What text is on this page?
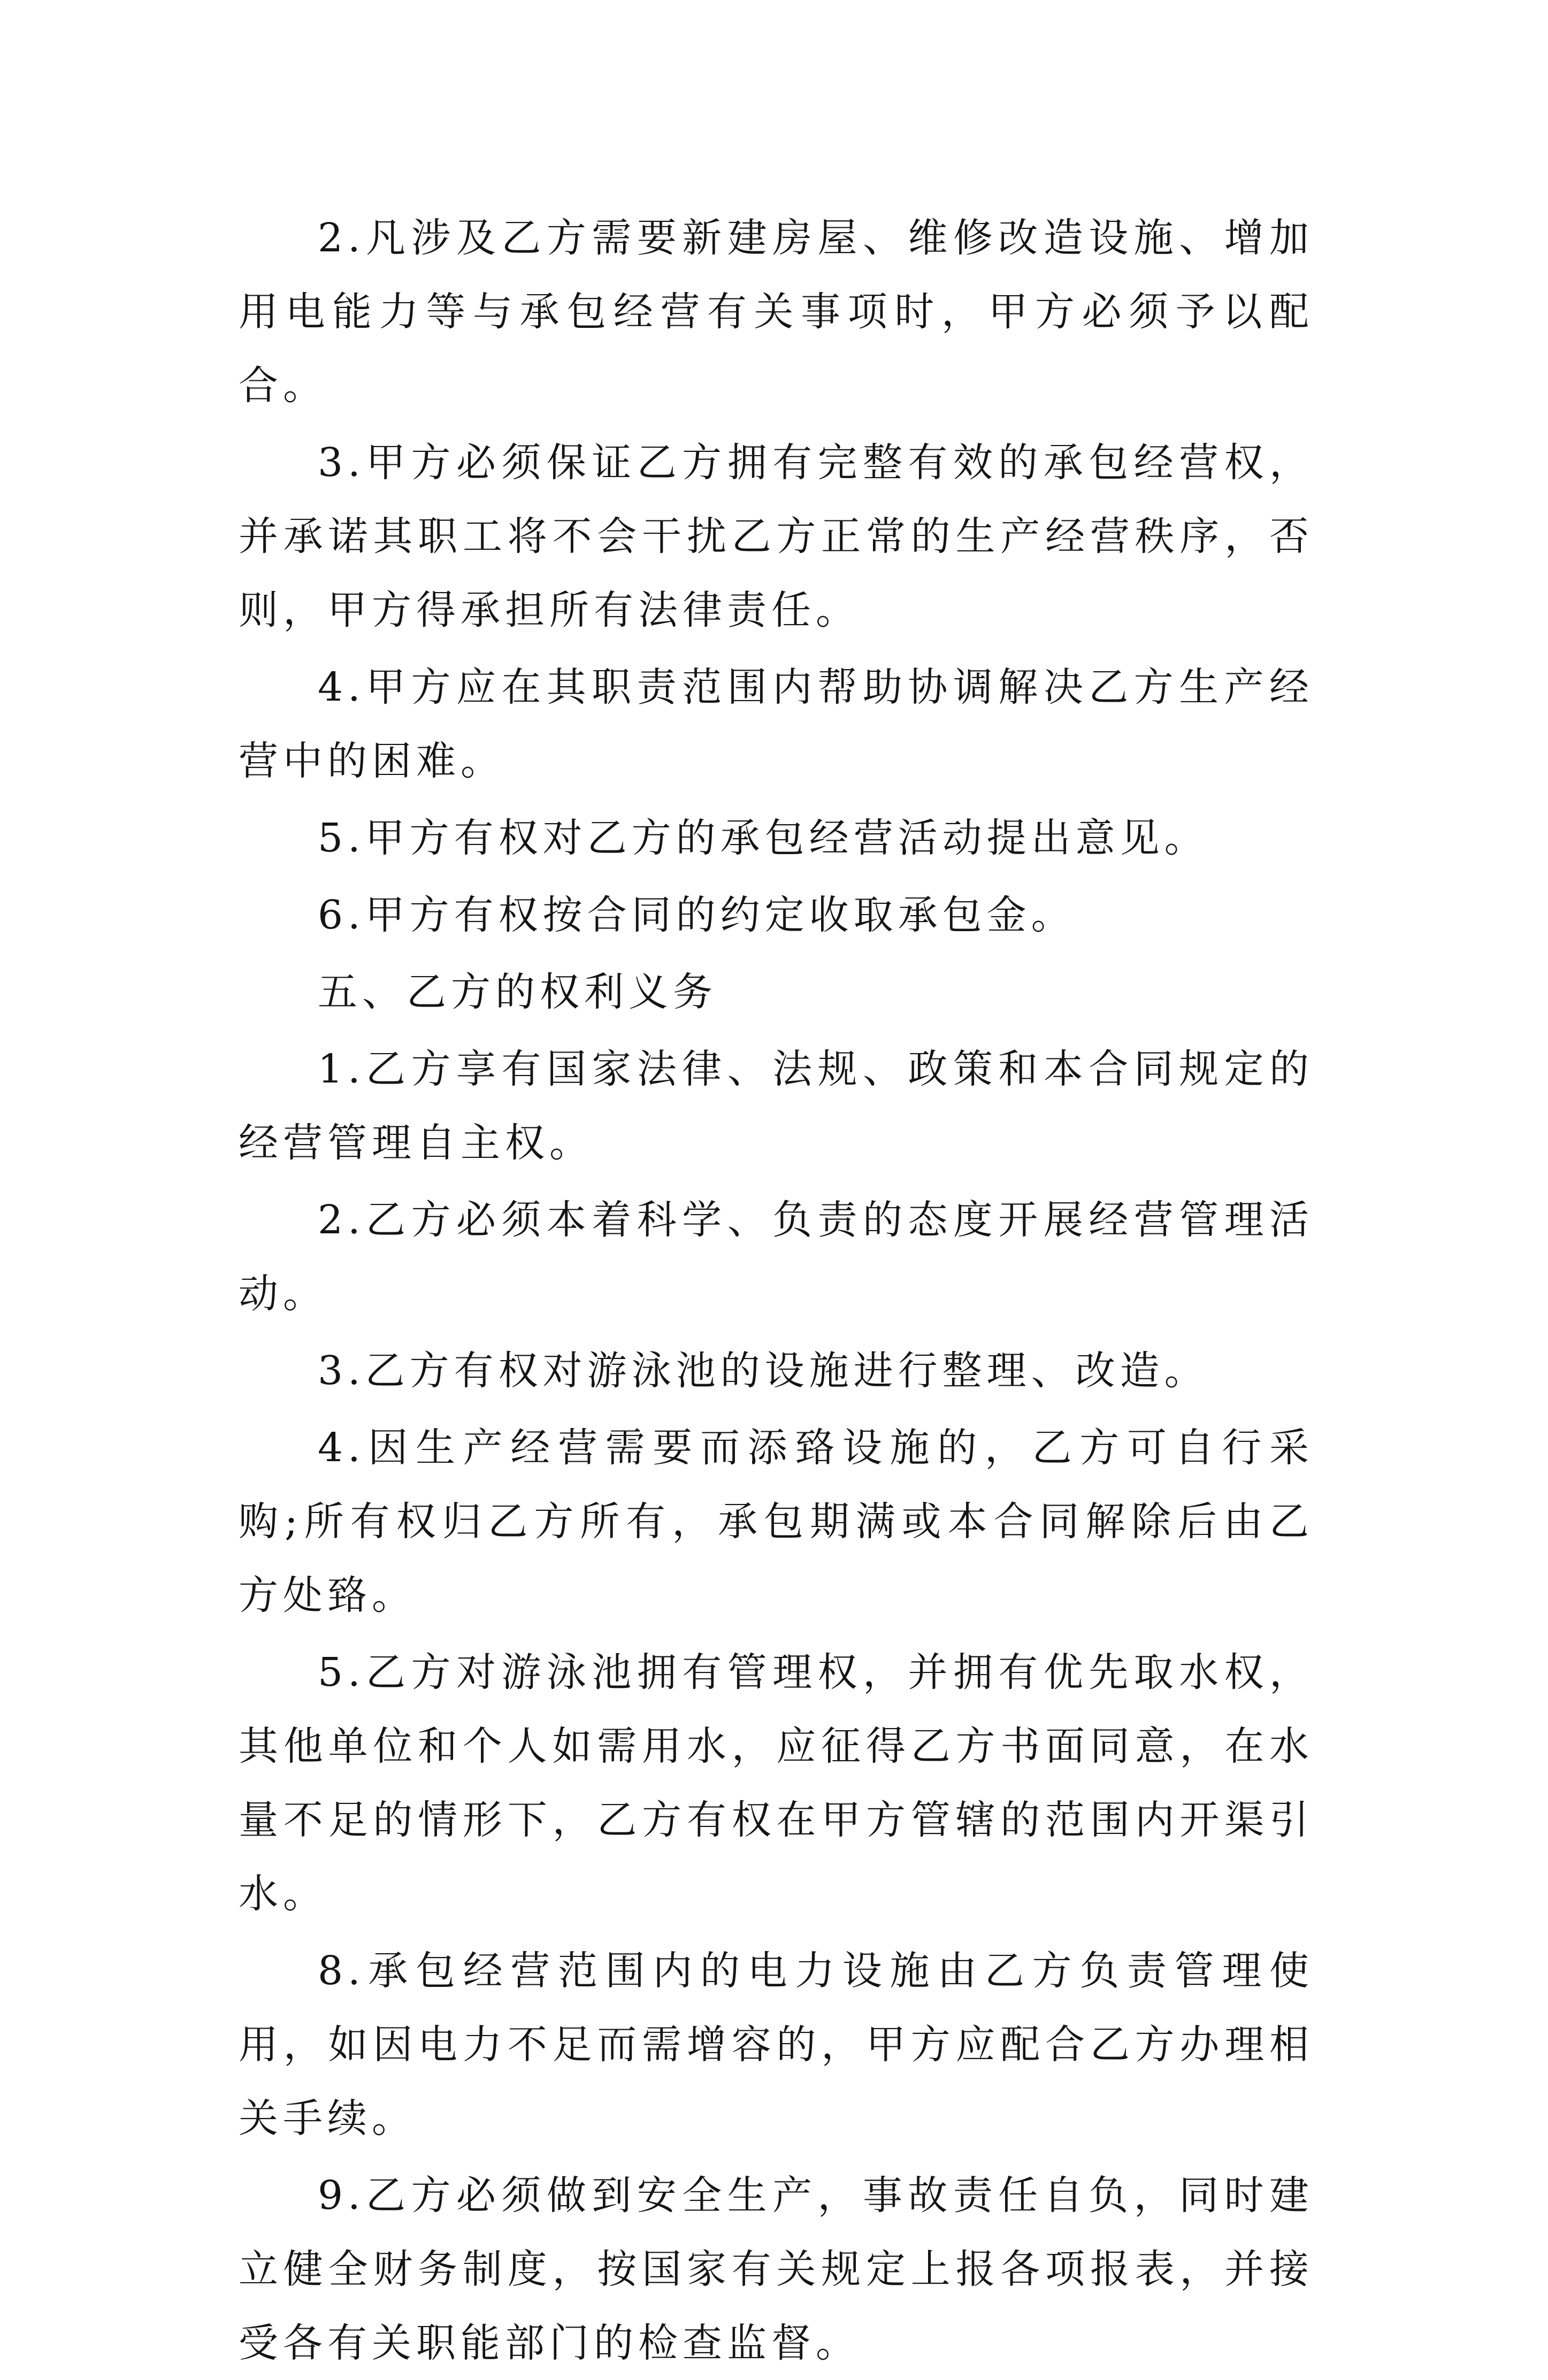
2.凡涉及乙方需要新建房屋、维修改造设施、增加用电能力等与承包经营有关事项时，甲方必须予以配合。

3.甲方必须保证乙方拥有完整有效的承包经营权，并承诺其职工将不会干扰乙方正常的生产经营秩序，否则，甲方得承担所有法律责任。

4.甲方应在其职责范围内帮助协调解决乙方生产经营中的困难。

5.甲方有权对乙方的承包经营活动提出意见。

6.甲方有权按合同的约定收取承包金。

五、乙方的权利义务

1.乙方享有国家法律、法规、政策和本合同规定的经营管理自主权。

2.乙方必须本着科学、负责的态度开展经营管理活动。

3.乙方有权对游泳池的设施进行整理、改造。

4.因生产经营需要而添臵设施的，乙方可自行采购;所有权归乙方所有，承包期满或本合同解除后由乙方处臵。

5.乙方对游泳池拥有管理权，并拥有优先取水权，其他单位和个人如需用水，应征得乙方书面同意，在水量不足的情形下，乙方有权在甲方管辖的范围内开渠引水。

8.承包经营范围内的电力设施由乙方负责管理使用，如因电力不足而需增容的，甲方应配合乙方办理相关手续。

9.乙方必须做到安全生产，事故责任自负，同时建立健全财务制度，按国家有关规定上报各项报表，并接受各有关职能部门的检查监督。
